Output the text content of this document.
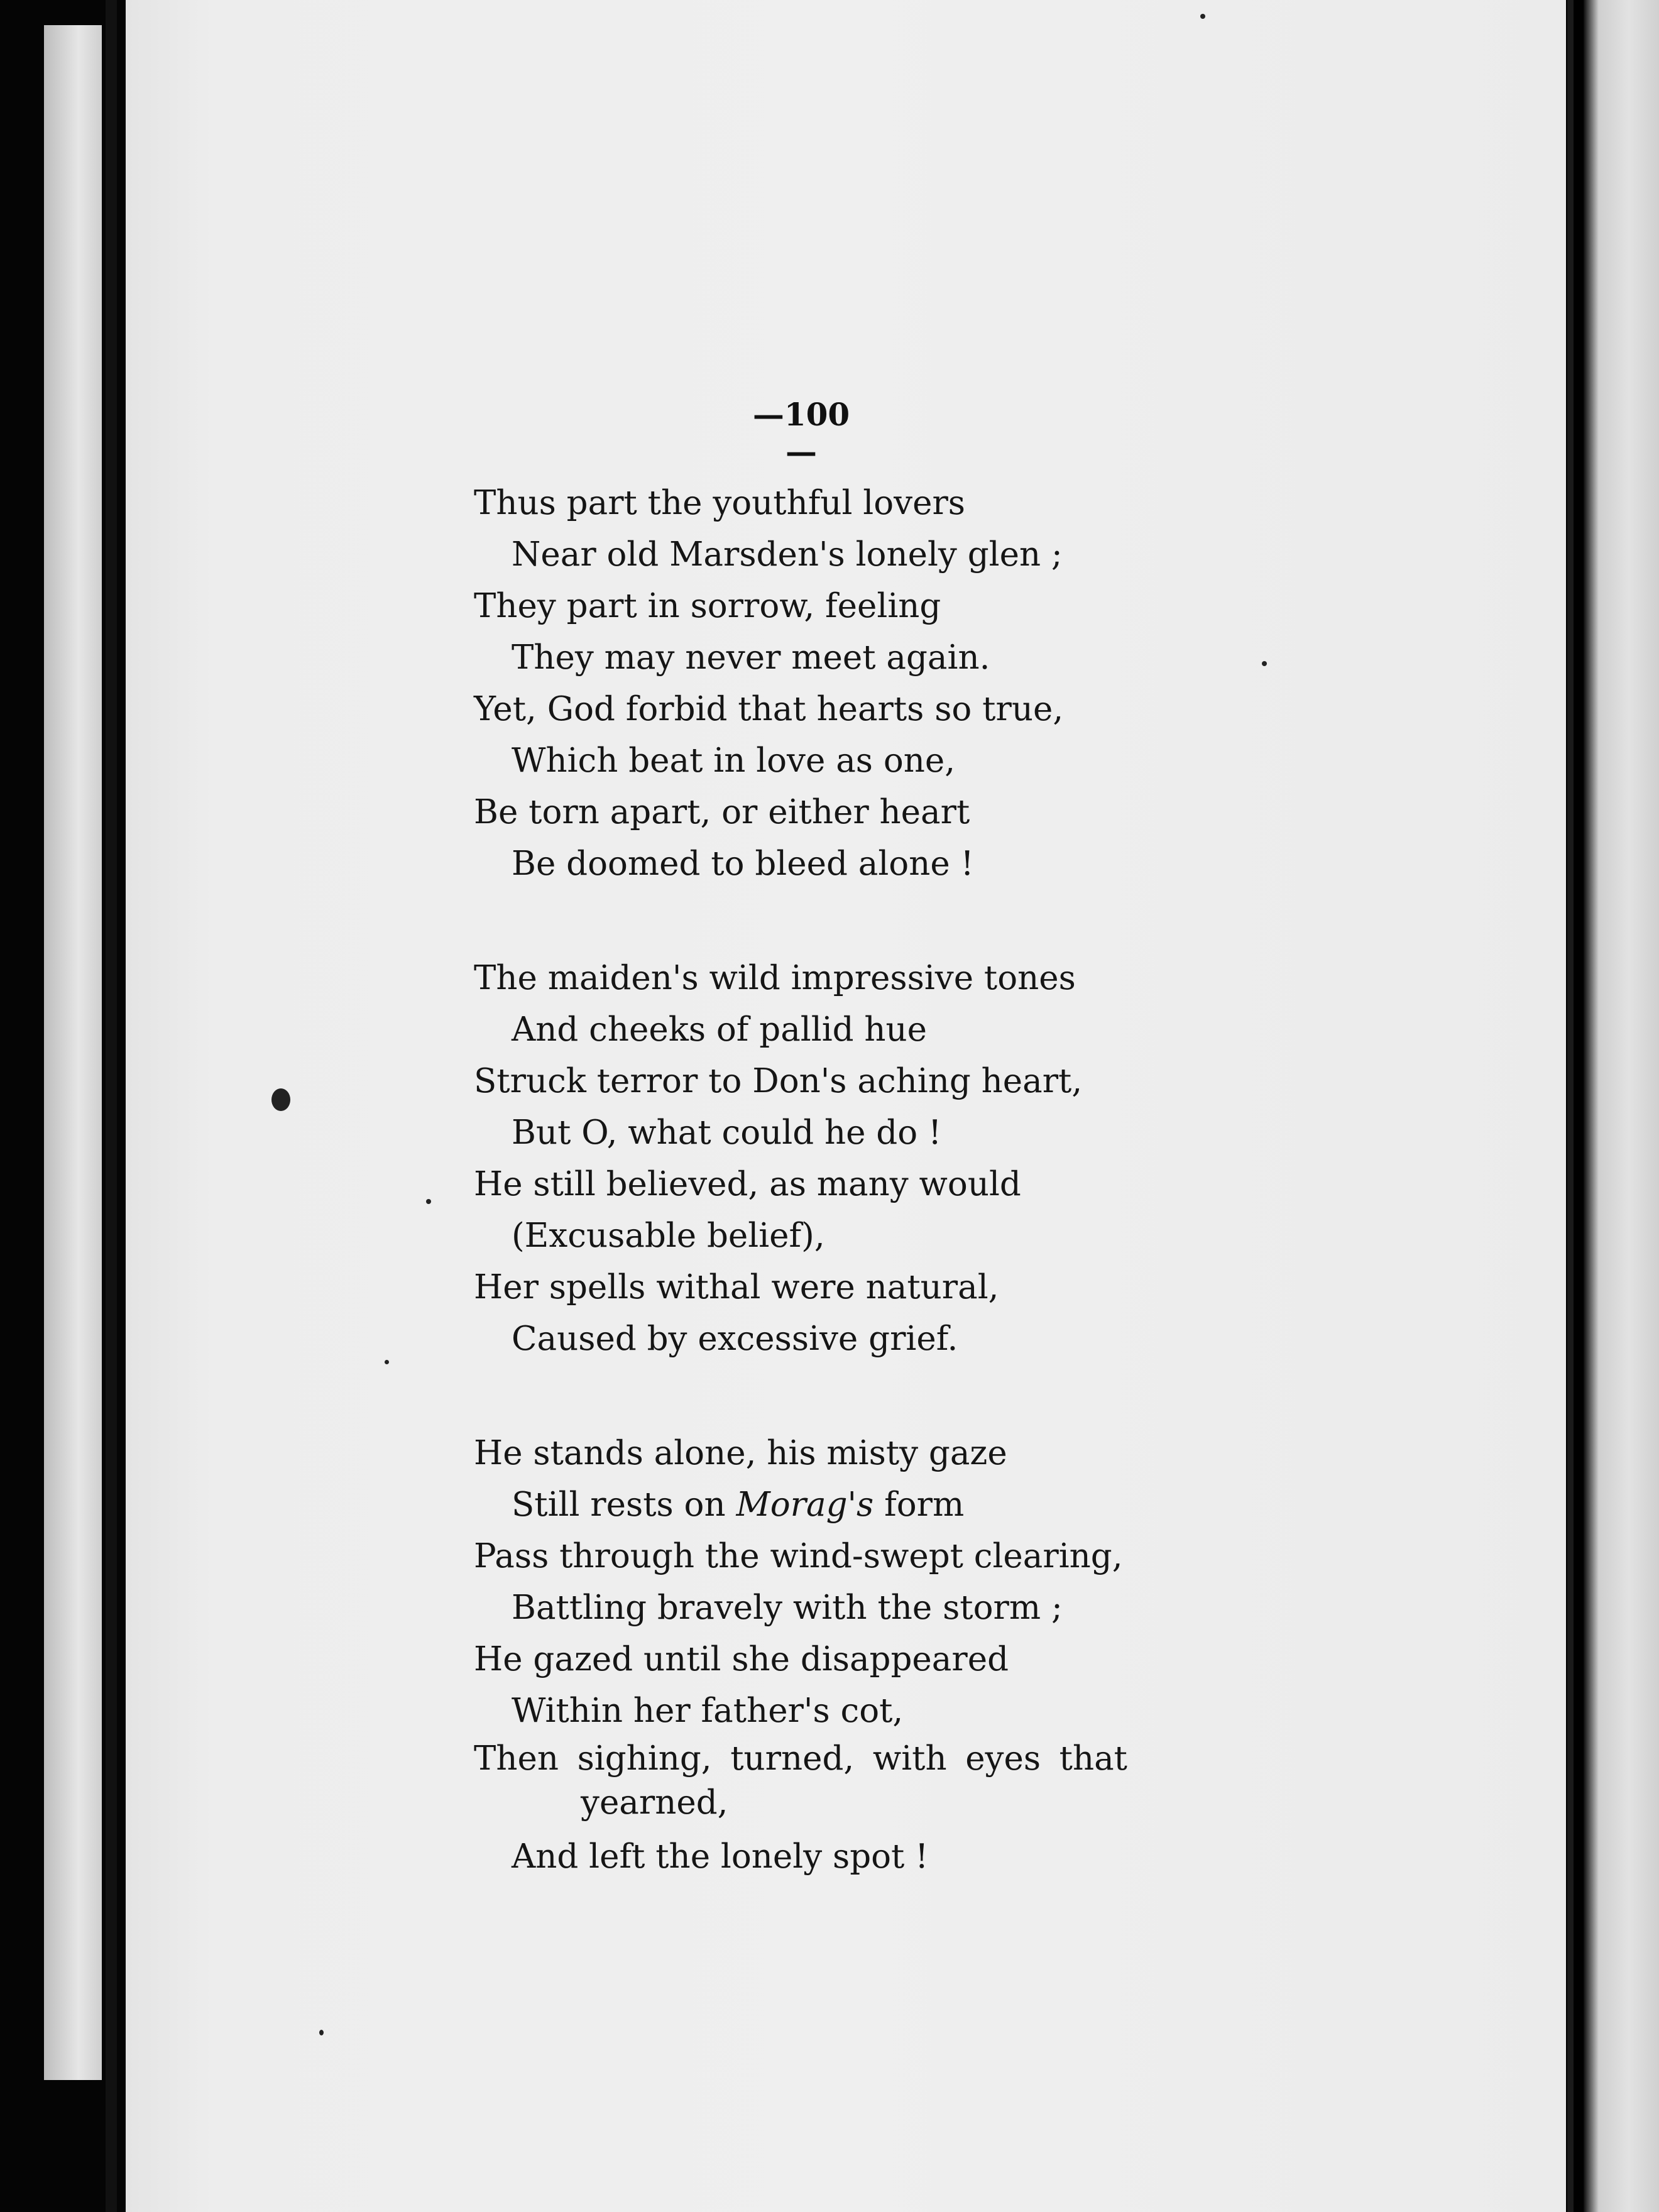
—100—
Thus part the youthful lovers
Near old Marsden's lonely glen ;
They part in sorrow, feeling
They may never meet again.
Yet, God forbid that hearts so true,
Which beat in love as one,
Be torn apart, or either heart
Be doomed to bleed alone !
The maiden's wild impressive tones
And cheeks of pallid hue
Struck terror to Don's aching heart,
But O, what could he do !
He still believed, as many would
(Excusable belief),
Her spells withal were natural,
Caused by excessive grief.
He stands alone, his misty gaze
Still rests on Morag's form
Pass through the wind-swept clearing,
Battling bravely with the storm ;
He gazed until she disappeared
Within her father's cot,
Then sighing, turned, with eyes that
yearned,
And left the lonely spot !
